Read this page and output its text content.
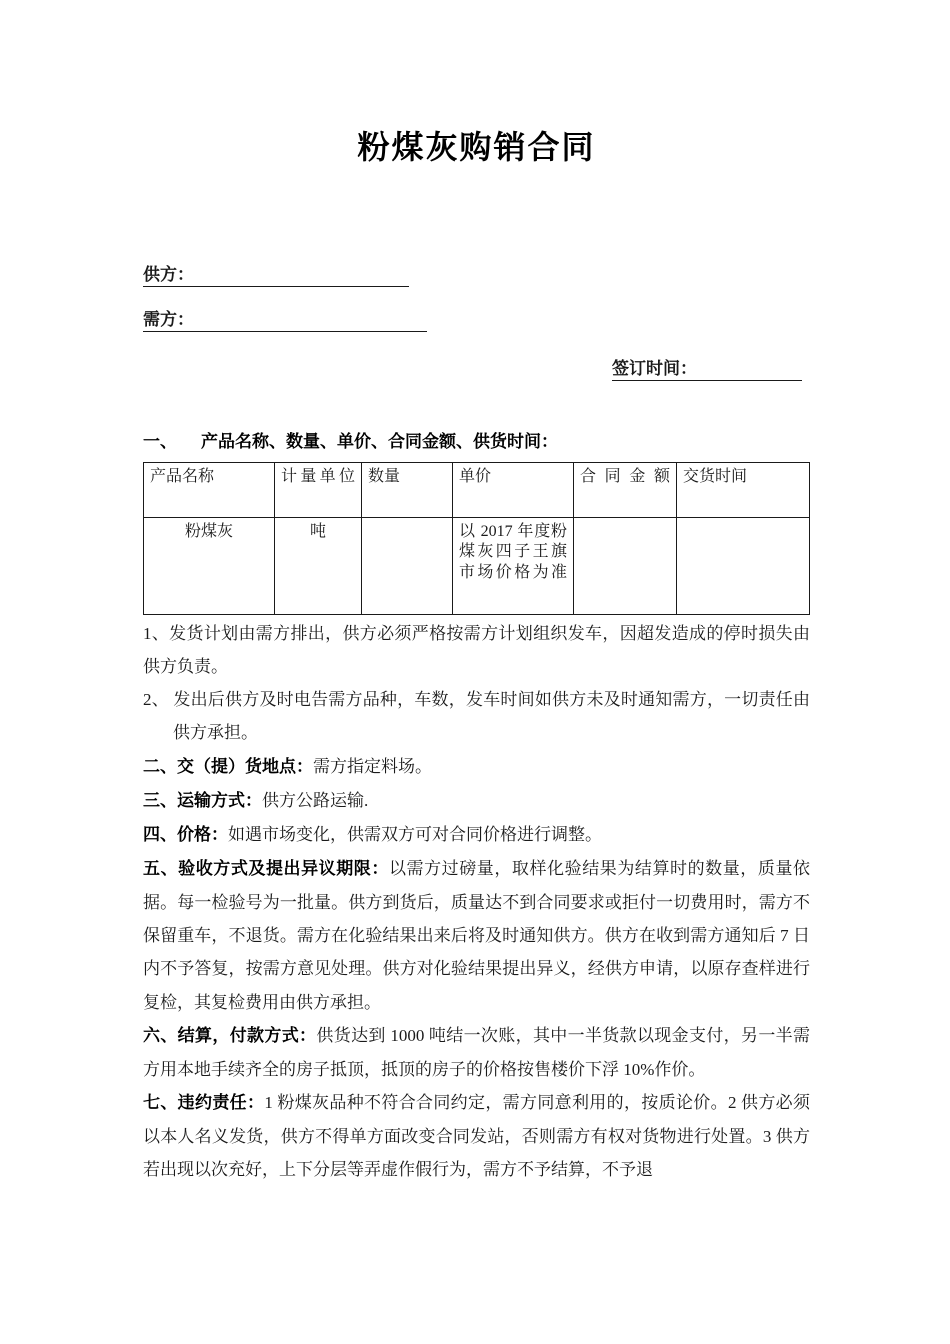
粉煤灰购销合同
供方：
需方：
签订时间：
一、 产品名称、数量、单价、合同金额、供货时间：
产品名称	计量单位	数量	单价	合同金额	交货时间
粉煤灰	吨		以 2017 年度粉煤灰四子王旗市场价格为准		

1、发货计划由需方排出，供方必须严格按需方计划组织发车，因超发造成的停时损失由供方负责。

2、 发出后供方及时电告需方品种，车数，发车时间如供方未及时通知需方，一切责任由供方承担。

二、交（提）货地点：需方指定料场。

三、运输方式：供方公路运输.

四、价格：如遇市场变化，供需双方可对合同价格进行调整。

五、验收方式及提出异议期限：以需方过磅量，取样化验结果为结算时的数量，质量依据。每一检验号为一批量。供方到货后，质量达不到合同要求或拒付一切费用时，需方不保留重车，不退货。需方在化验结果出来后将及时通知供方。供方在收到需方通知后 7 日内不予答复，按需方意见处理。供方对化验结果提出异义，经供方申请，以原存查样进行复检，其复检费用由供方承担。

六、结算，付款方式：供货达到 1000 吨结一次账，其中一半货款以现金支付，另一半需方用本地手续齐全的房子抵顶，抵顶的房子的价格按售楼价下浮 10%作价。

七、违约责任：1 粉煤灰品种不符合合同约定，需方同意利用的，按质论价。2 供方必须以本人名义发货，供方不得单方面改变合同发站，否则需方有权对货物进行处置。3 供方若出现以次充好，上下分层等弄虚作假行为，需方不予结算，不予退
